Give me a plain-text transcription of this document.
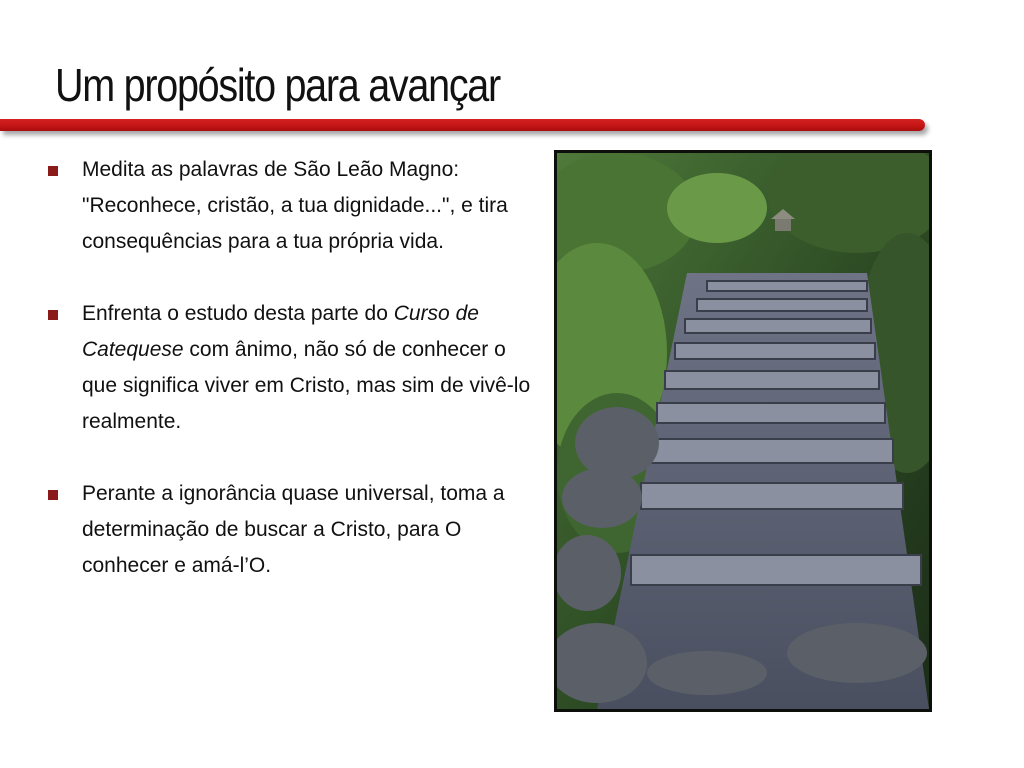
Um propósito para avançar
Medita as palavras de São Leão Magno: "Reconhece, cristão, a tua dignidade...", e tira consequências para a tua própria vida.
Enfrenta o estudo desta parte do Curso de Catequese com ânimo, não só de conhecer o que significa viver em Cristo, mas sim de vivê-lo realmente.
Perante a ignorância quase universal, toma a determinação de buscar a Cristo, para O conhecer e amá-l’O.
